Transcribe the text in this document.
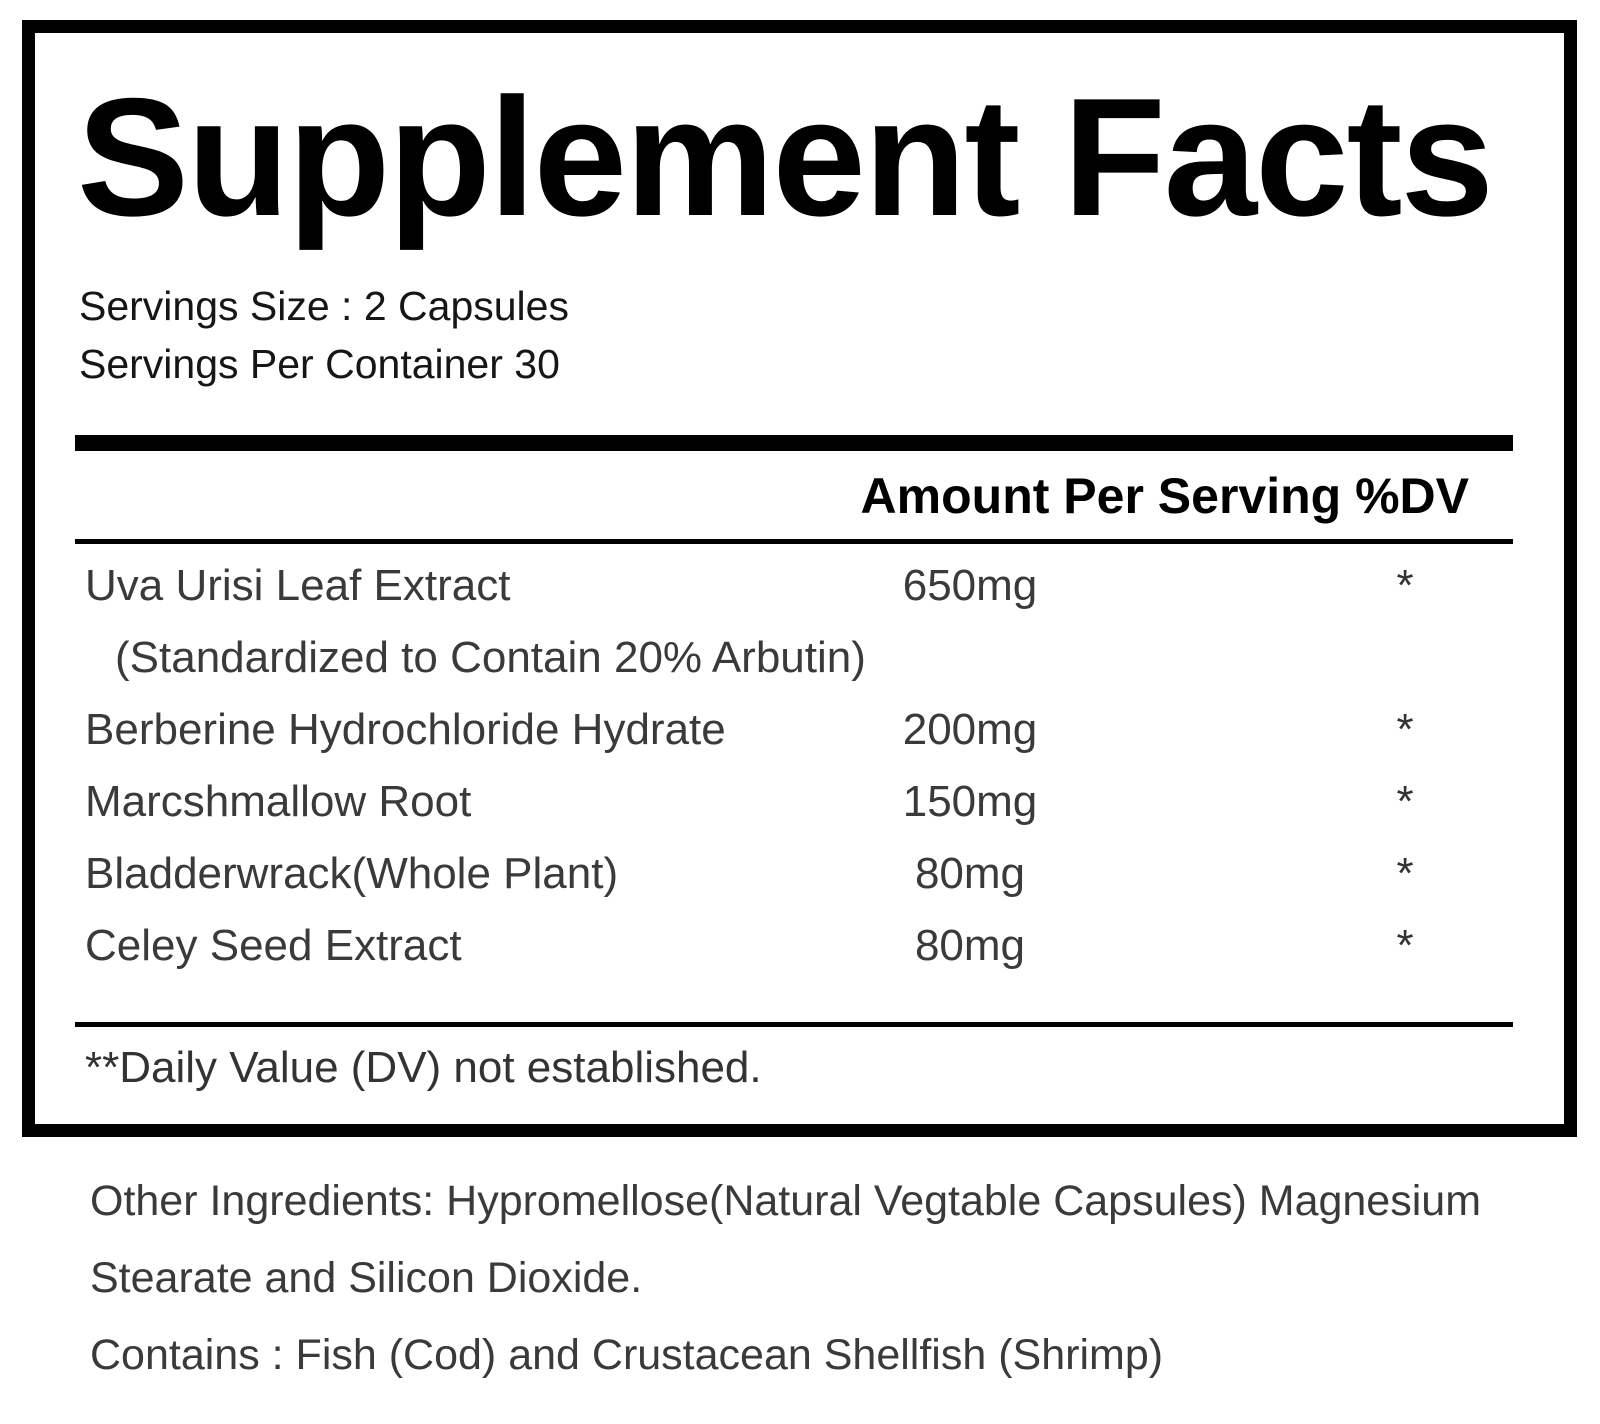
Supplement Facts
Servings Size : 2 Capsules
Servings Per Container 30
Amount Per Serving %DV
Uva Urisi Leaf Extract	650mg	*
(Standardized to Contain 20% Arbutin)
Berberine Hydrochloride Hydrate	200mg	*
Marcshmallow Root	150mg	*
Bladderwrack(Whole Plant)	80mg	*
Celey Seed Extract	80mg	*
**Daily Value (DV) not established.

Other Ingredients: Hypromellose(Natural Vegtable Capsules) Magnesium

Stearate and Silicon Dioxide.

Contains : Fish (Cod) and Crustacean Shellfish (Shrimp)
